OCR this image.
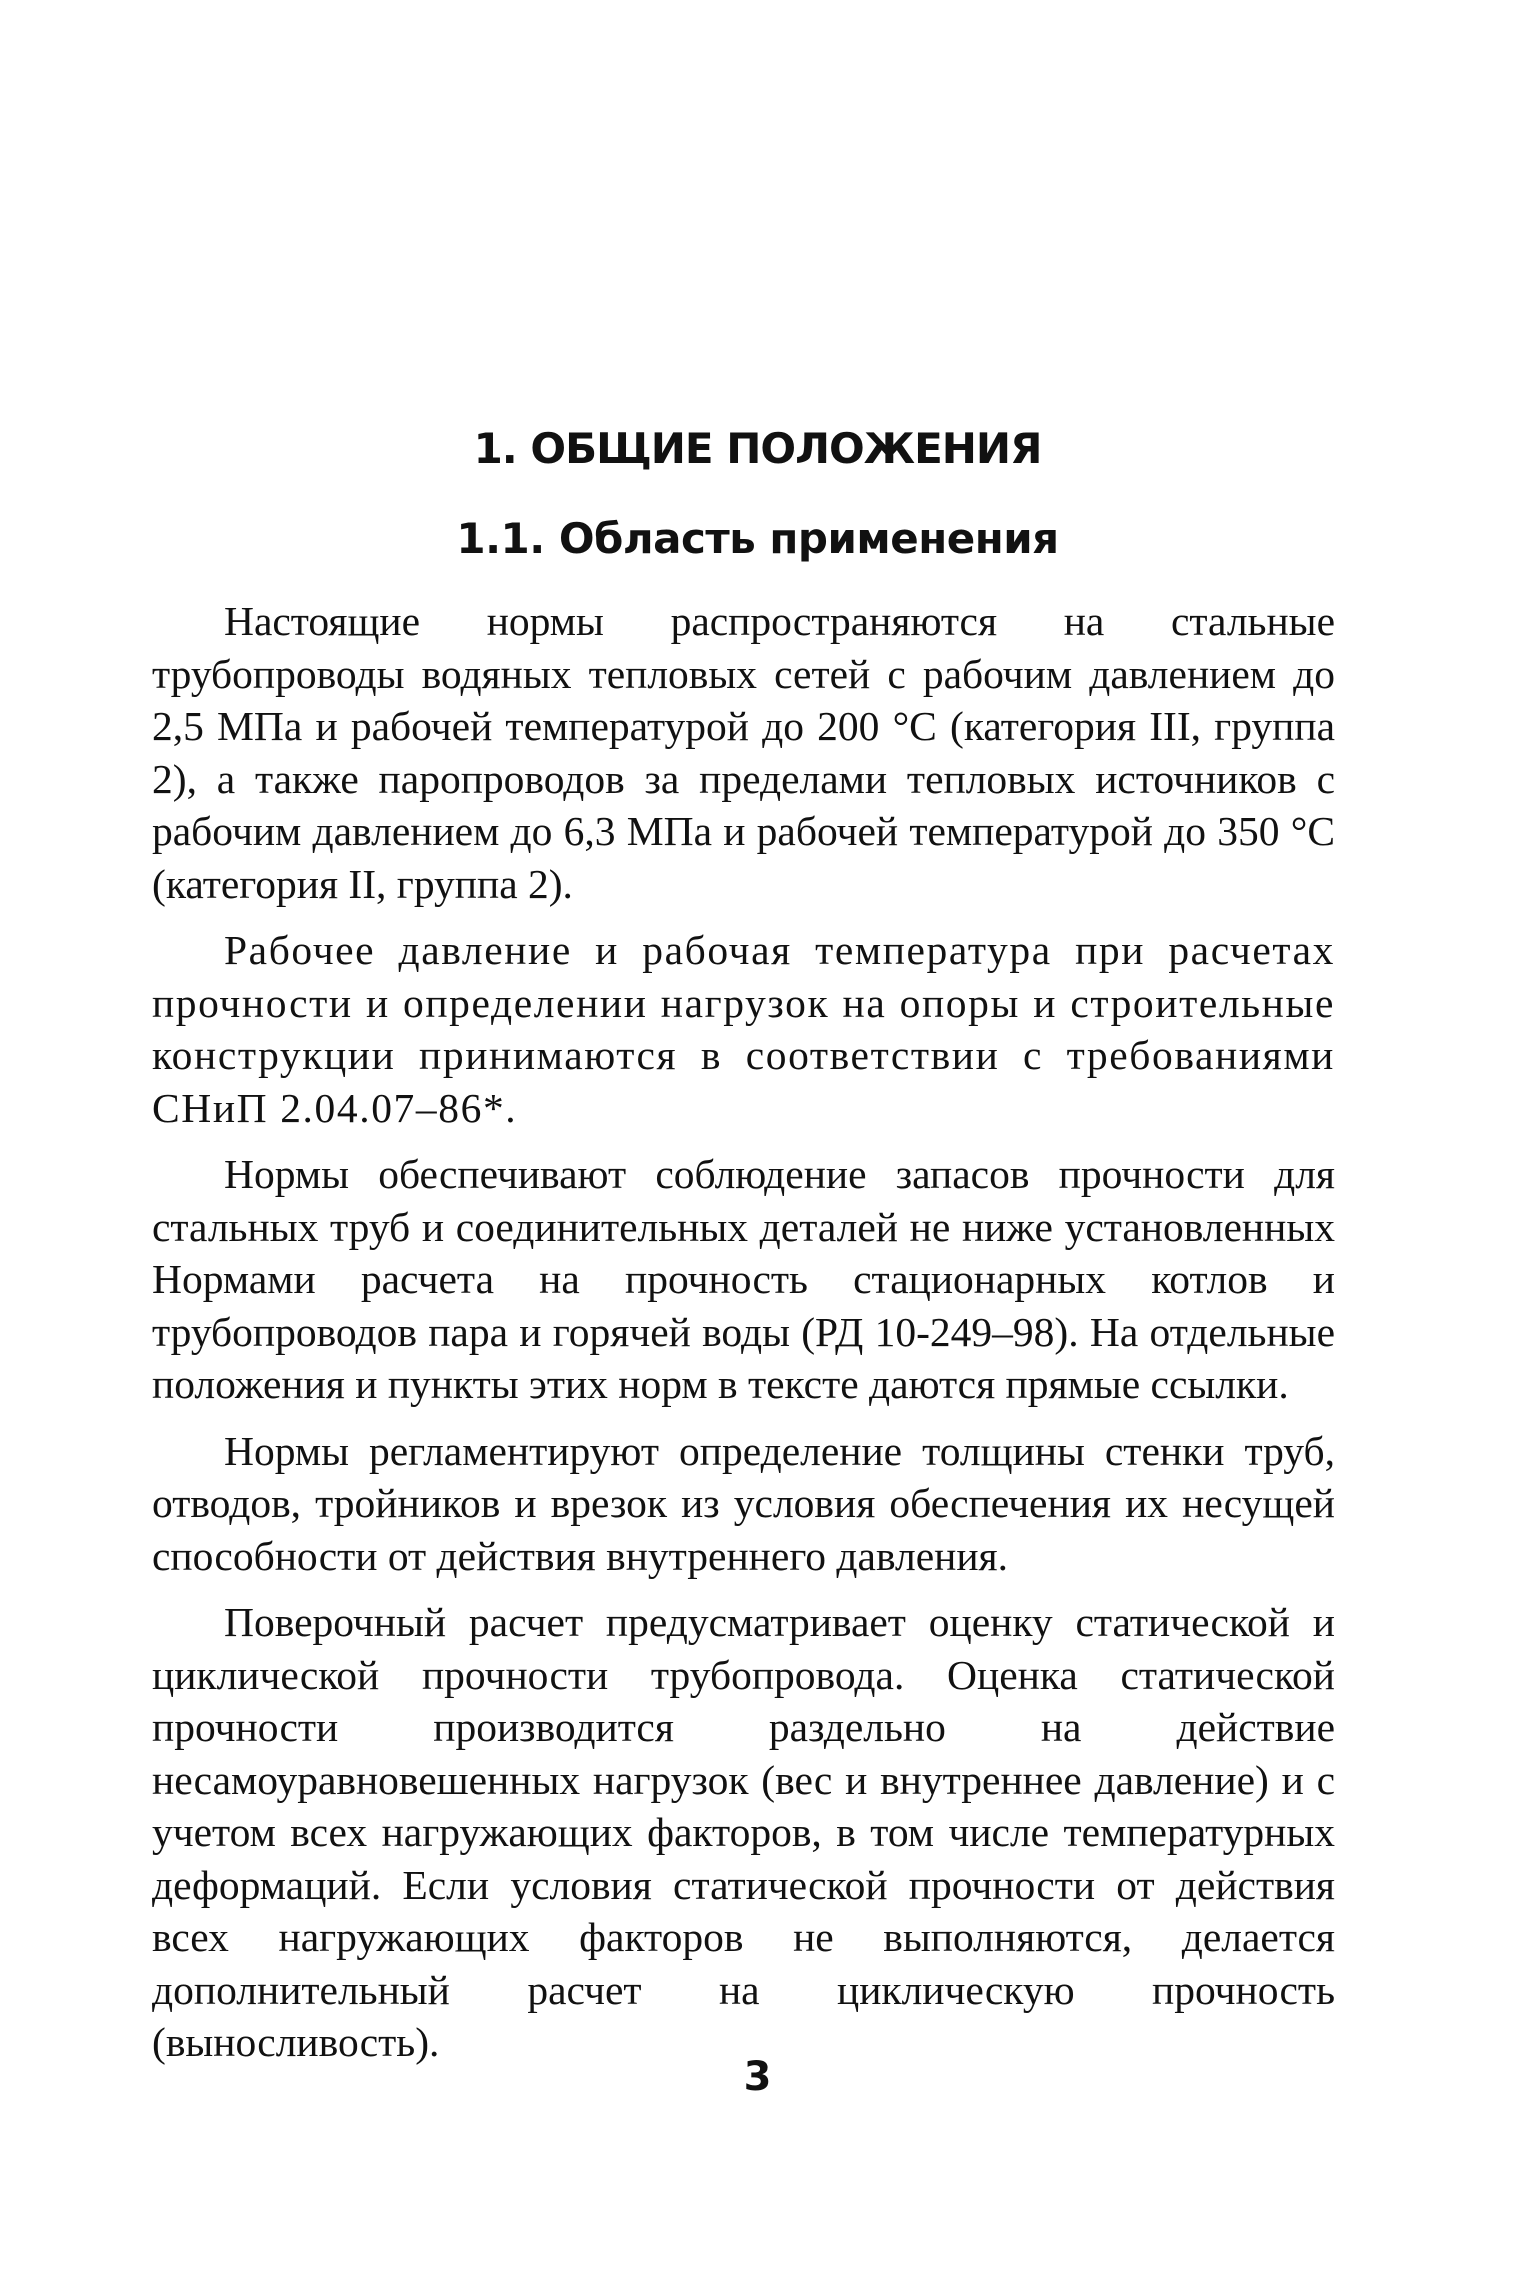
1. ОБЩИЕ ПОЛОЖЕНИЯ
1.1. Область применения

Настоящие нормы распространяются на стальные трубопроводы водяных тепловых сетей с рабочим давлением до 2,5 МПа и рабочей температурой до 200 °С (категория III, группа 2), а также паропроводов за пределами тепловых источников с рабочим давлением до 6,3 МПа и рабочей температурой до 350 °С (категория II, группа 2).

Рабочее давление и рабочая температура при расчетах прочности и определении нагрузок на опоры и строительные конструкции принимаются в соответствии с требованиями СНиП 2.04.07–86*.

Нормы обеспечивают соблюдение запасов прочности для стальных труб и соединительных деталей не ниже установленных Нормами расчета на прочность стационарных котлов и трубопроводов пара и горячей воды (РД 10-249–98). На отдельные положения и пункты этих норм в тексте даются прямые ссылки.

Нормы регламентируют определение толщины стенки труб, отводов, тройников и врезок из условия обеспечения их несущей способности от действия внутреннего давления.

Поверочный расчет предусматривает оценку статической и циклической прочности трубопровода. Оценка статической прочности производится раздельно на действие несамоуравновешенных нагрузок (вес и внутреннее давление) и с учетом всех нагружающих факторов, в том числе температурных деформаций. Если условия статической прочности от действия всех нагружающих факторов не выполняются, делается дополнительный расчет на циклическую прочность (выносливость).

3
